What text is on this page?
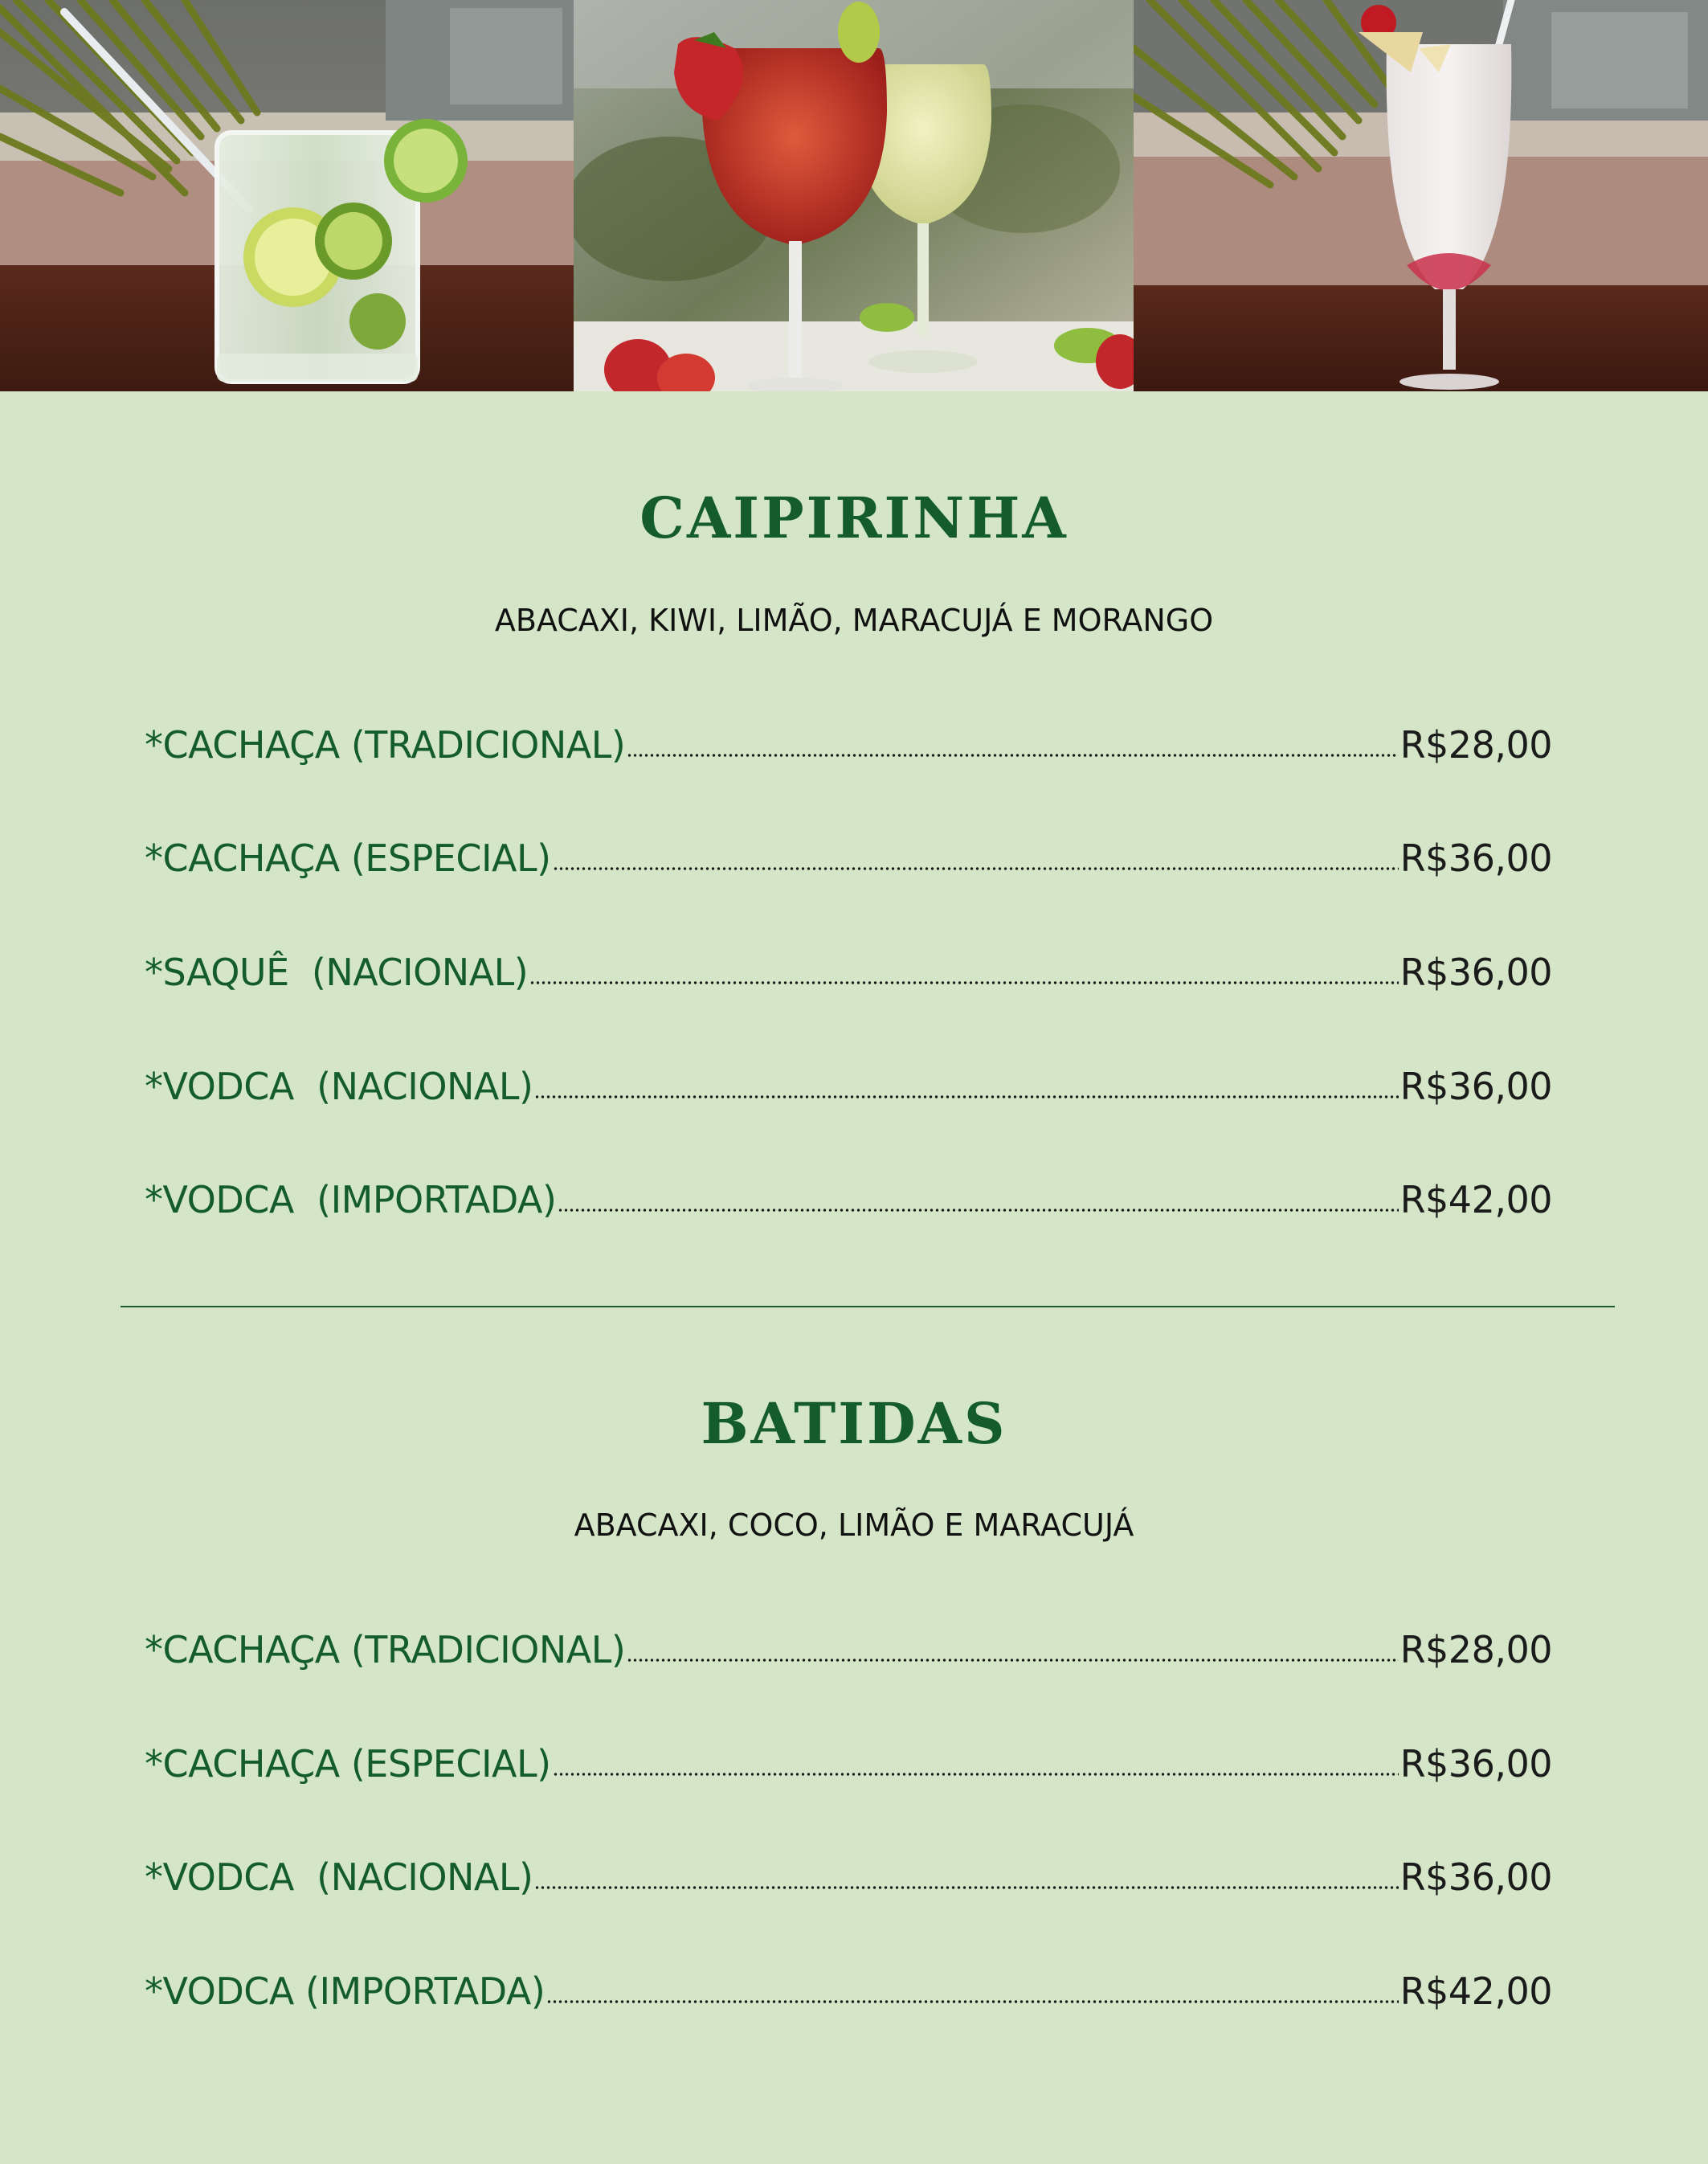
CAIPIRINHA
ABACAXI, KIWI, LIMÃO, MARACUJÁ E MORANGO
*CACHAÇA (TRADICIONAL)	R$28,00
*CACHAÇA (ESPECIAL)	R$36,00
*SAQUÊ  (NACIONAL)	R$36,00
*VODCA  (NACIONAL)	R$36,00
*VODCA  (IMPORTADA)	R$42,00
BATIDAS
ABACAXI, COCO, LIMÃO E MARACUJÁ
*CACHAÇA (TRADICIONAL)	R$28,00
*CACHAÇA (ESPECIAL)	R$36,00
*VODCA  (NACIONAL)	R$36,00
*VODCA (IMPORTADA)	R$42,00
